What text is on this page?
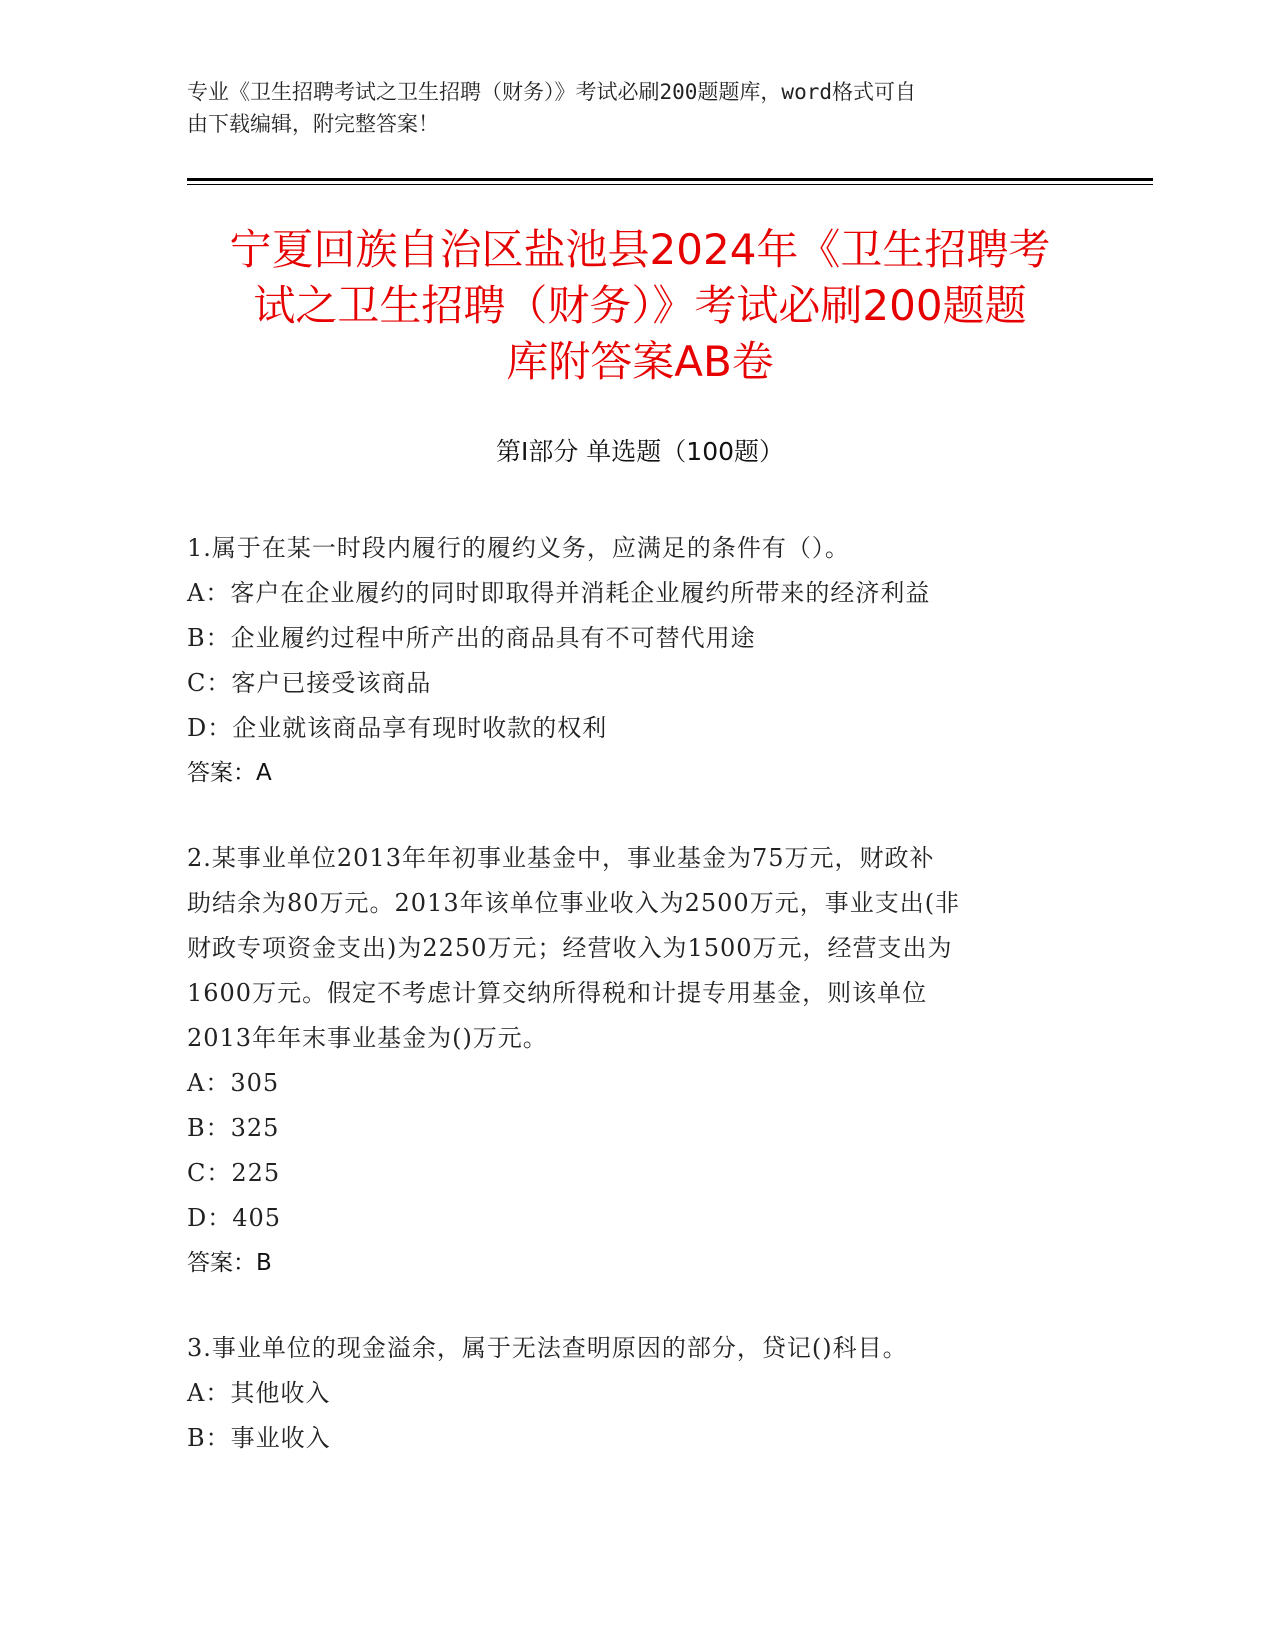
专业《卫生招聘考试之卫生招聘（财务）》考试必刷200题题库，word格式可自
由下载编辑，附完整答案！
宁夏回族自治区盐池县2024年《卫生招聘考
试之卫生招聘（财务）》考试必刷200题题
库附答案AB卷
第Ⅰ部分 单选题（100题）
1.属于在某一时段内履行的履约义务，应满足的条件有（）。
A：客户在企业履约的同时即取得并消耗企业履约所带来的经济利益
B：企业履约过程中所产出的商品具有不可替代用途
C：客户已接受该商品
D：企业就该商品享有现时收款的权利
答案：A
2.某事业单位2013年年初事业基金中，事业基金为75万元，财政补
助结余为80万元。2013年该单位事业收入为2500万元，事业支出(非
财政专项资金支出)为2250万元；经营收入为1500万元，经营支出为
1600万元。假定不考虑计算交纳所得税和计提专用基金，则该单位
2013年年末事业基金为()万元。
A：305
B：325
C：225
D：405
答案：B
3.事业单位的现金溢余，属于无法查明原因的部分，贷记()科目。
A：其他收入
B：事业收入
